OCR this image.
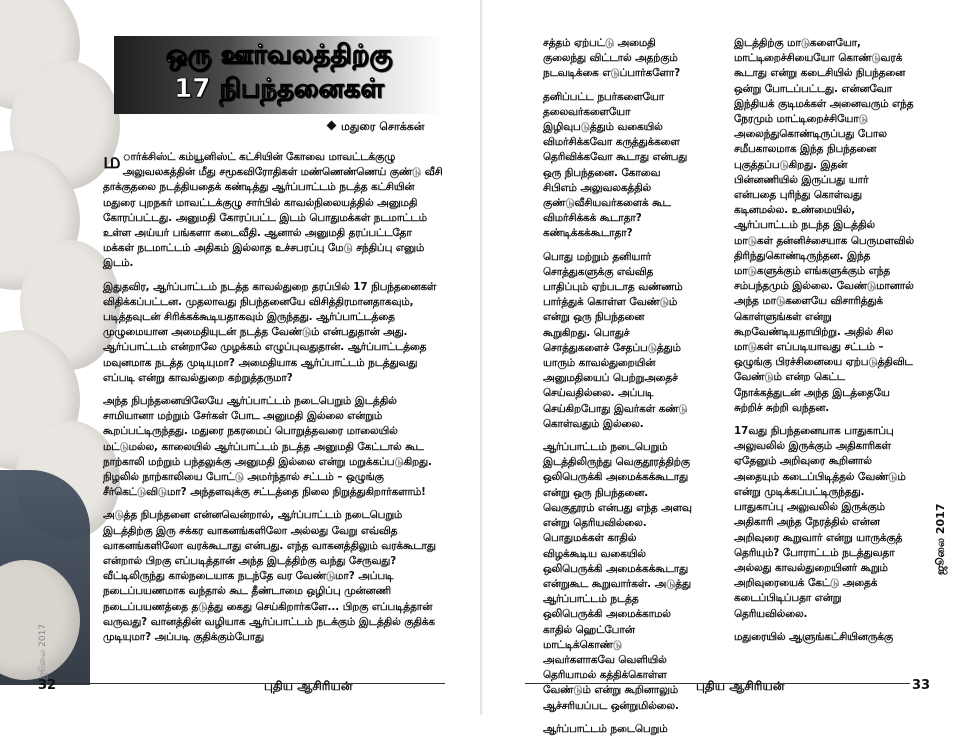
ஒரு ஊர்வலத்திற்கு
17 நிபந்தனைகள்
மதுரை சொக்கன்

ம ார்க்சிஸ்ட் கம்யூனிஸ்ட் கட்சியின் கோவை மாவட்டக்குழு அலுவலகத்தின் மீது சமூகவிரோதிகள் மண்ணெண்ணெய் குண்டு வீசி தாக்குதலை நடத்தியதைக் கண்டித்து ஆர்ப்பாட்டம் நடத்த கட்சியின் மதுரை புறநகர் மாவட்டக்குழு சார்பில் காவல்நிலையத்தில் அனுமதி கோரப்பட்டது. அனுமதி கோரப்பட்ட இடம் பொதுமக்கள் நடமாட்டம் உள்ள அய்யர் பங்களா கடைவீதி. ஆனால் அனுமதி தரப்பட்டதோ மக்கள் நடமாட்டம் அதிகம் இல்லாத உச்சபரப்பு மேடு சந்திப்பு எனும் இடம்.

இதுதவிர, ஆர்ப்பாட்டம் நடத்த காவல்துறை தரப்பில் 17 நிபந்தனைகள் விதிக்கப்பட்டன. முதலாவது நிபந்தனையே விசித்திரமானதாகவும், படித்தவுடன் சிரிக்கக்கூடியதாகவும் இருந்தது. ஆர்ப்பாட்டத்தை முழுமையான அமைதியுடன் நடத்த வேண்டும் என்பதுதான் அது. ஆர்ப்பாட்டம் என்றாலே முழக்கம் எழுப்புவதுதான். ஆர்ப்பாட்டத்தை மவுனமாக நடத்த முடியுமா? அமைதியாக ஆர்ப்பாட்டம் நடத்துவது எப்படி என்று காவல்துறை கற்றுத்தருமா?

அந்த நிபந்தனையிலேயே ஆர்ப்பாட்டம் நடைபெறும் இடத்தில் சாமியானா மற்றும் சேர்கள் போட அனுமதி இல்லை என்றும் கூறப்பட்டிருந்தது. மதுரை நகரமைப் பொறுத்தவரை மாலையில் மட்டுமல்ல, காலையில் ஆர்ப்பாட்டம் நடத்த அனுமதி கேட்டால் கூட நாற்காலி மற்றும் பந்தலுக்கு அனுமதி இல்லை என்று மறுக்கப்படுகிறது. நிழலில் நாற்காலியை போட்டு அமர்ந்தால் சட்டம் – ஒழுங்கு சீர்கெட்டுவிடுமா? அந்தளவுக்கு சட்டத்தை நிலை நிறுத்துகிறார்களாம்!

அடுத்த நிபந்தனை என்னவென்றால், ஆர்ப்பாட்டம் நடைபெறும் இடத்திற்கு இரு சக்கர வாகனங்களிலோ அல்லது வேறு எவ்வித வாகனங்களிலோ வரக்கூடாது என்பது. எந்த வாகனத்திலும் வரக்கூடாது என்றால் பிறகு எப்படித்தான் அந்த இடத்திற்கு வந்து சேருவது? வீட்டிலிருந்து கால்நடையாக நடந்தே வர வேண்டுமா? அப்படி நடைப்பயணமாக வந்தால் கூட தீண்டாமை ஒழிப்பு முன்னணி நடைப்பயணத்தை தடுத்து கைது செய்கிறார்களே... பிறகு எப்படித்தான் வருவது? வானத்தின் வழியாக ஆர்ப்பாட்டம் நடக்கும் இடத்தில் குதிக்க முடியுமா? அப்படி குதிக்கும்போது

ஜூலை 2017
32	புதிய ஆசிரியன்

சத்தம் ஏற்பட்டு அமைதி குலைந்து விட்டால் அதற்கும் நடவடிக்கை எடுப்பார்களோ?

தனிப்பட்ட நபர்களையோ தலைவர்களையோ இழிவுபடுத்தும் வகையில் விமர்சிக்கவோ கருத்துக்களை தெரிவிக்கவோ கூடாது என்பது ஒரு நிபந்தனை. கோவை சிபிஎம் அலுவலகத்தில் குண்டுவீசியவர்களைக் கூட விமர்சிக்கக் கூடாதா? கண்டிக்கக்கூடாதா?

பொது மற்றும் தனியார் சொத்துகளுக்கு எவ்வித பாதிப்பும் ஏற்படாத வண்ணம் பார்த்துக் கொள்ள வேண்டும் என்று ஒரு நிபந்தனை கூறுகிறது. பொதுச் சொத்துகளைச் சேதப்படுத்தும் யாரும் காவல்துறையின் அனுமதியைப் பெற்றுஅதைச் செய்வதில்லை. அப்படி செய்கிறபோது இவர்கள் கண்டு கொள்வதும் இல்லை.

ஆர்ப்பாட்டம் நடைபெறும் இடத்திலிருந்து வெகுதூரத்திற்கு ஒலிபெருக்கி அமைக்கக்கூடாது என்று ஒரு நிபந்தனை. வெகுதூரம் என்பது எந்த அளவு என்று தெரியவில்லை. பொதுமக்கள் காதில் விழக்கூடிய வகையில் ஒலிபெருக்கி அமைக்கக்கூடாது என்றுகூட கூறுவார்கள். அடுத்து ஆர்ப்பாட்டம் நடத்த ஒலிபெருக்கி அமைக்காமல் காதில் ஹெட்போன் மாட்டிக்கொண்டு அவர்களாகவே வெளியில் தெரியாமல் கத்திக்கொள்ள வேண்டும் என்று கூறினாலும் ஆச்சரியப்பட ஒன்றுமில்லை.

ஆர்ப்பாட்டம் நடைபெறும்

இடத்திற்கு மாடுகளையோ, மாட்டிறைச்சியையோ கொண்டுவரக் கூடாது என்று கடைசியில் நிபந்தனை ஒன்று போடப்பட்டது. என்னவோ இந்தியக் குடிமக்கள் அனைவரும் எந்த நேரமும் மாட்டிறைச்சியோடு அலைந்துகொண்டிருப்பது போல சமீபகாலமாக இந்த நிபந்தனை புகுத்தப்படுகிறது. இதன் பின்னணியில் இருப்பது யார் என்பதை புரிந்து கொள்வது கடினமல்ல. உண்மையில், ஆர்ப்பாட்டம் நடந்த இடத்தில் மாடுகள் தன்னிச்சையாக பெருமளவில் திரிந்துகொண்டிருந்தன. இந்த மாடுகளுக்கும் எங்களுக்கும் எந்த சம்பந்தமும் இல்லை. வேண்டுமானால் அந்த மாடுகளையே விசாரித்துக் கொள்ளுங்கள் என்று கூறவேண்டியதாயிற்று. அதில் சில மாடுகள் எப்படியாவது சட்டம் – ஒழுங்கு பிரச்சினையை ஏற்படுத்திவிட வேண்டும் என்ற கெட்ட நோக்கத்துடன் அந்த இடத்தையே சுற்றிச் சுற்றி வந்தன.

17வது நிபந்தனையாக பாதுகாப்பு அலுவலில் இருக்கும் அதிகாரிகள் ஏதேனும் அறிவுரை கூறினால் அதையும் கடைப்பிடித்தல் வேண்டும் என்று முடிக்கப்பட்டிருந்தது. பாதுகாப்பு அலுவலில் இருக்கும் அதிகாரி அந்த நேரத்தில் என்ன அறிவுரை கூறுவார் என்று யாருக்குத் தெரியும்? போராட்டம் நடத்துவதா அல்லது காவல்துறையினர் கூறும் அறிவுரையைக் கேட்டு அதைக் கடைப்பிடிப்பதா என்று தெரியவில்லை.

மதுரையில் ஆளுங்கட்சியினருக்கு

ஜூலை 2017
புதிய ஆசிரியன்	33
